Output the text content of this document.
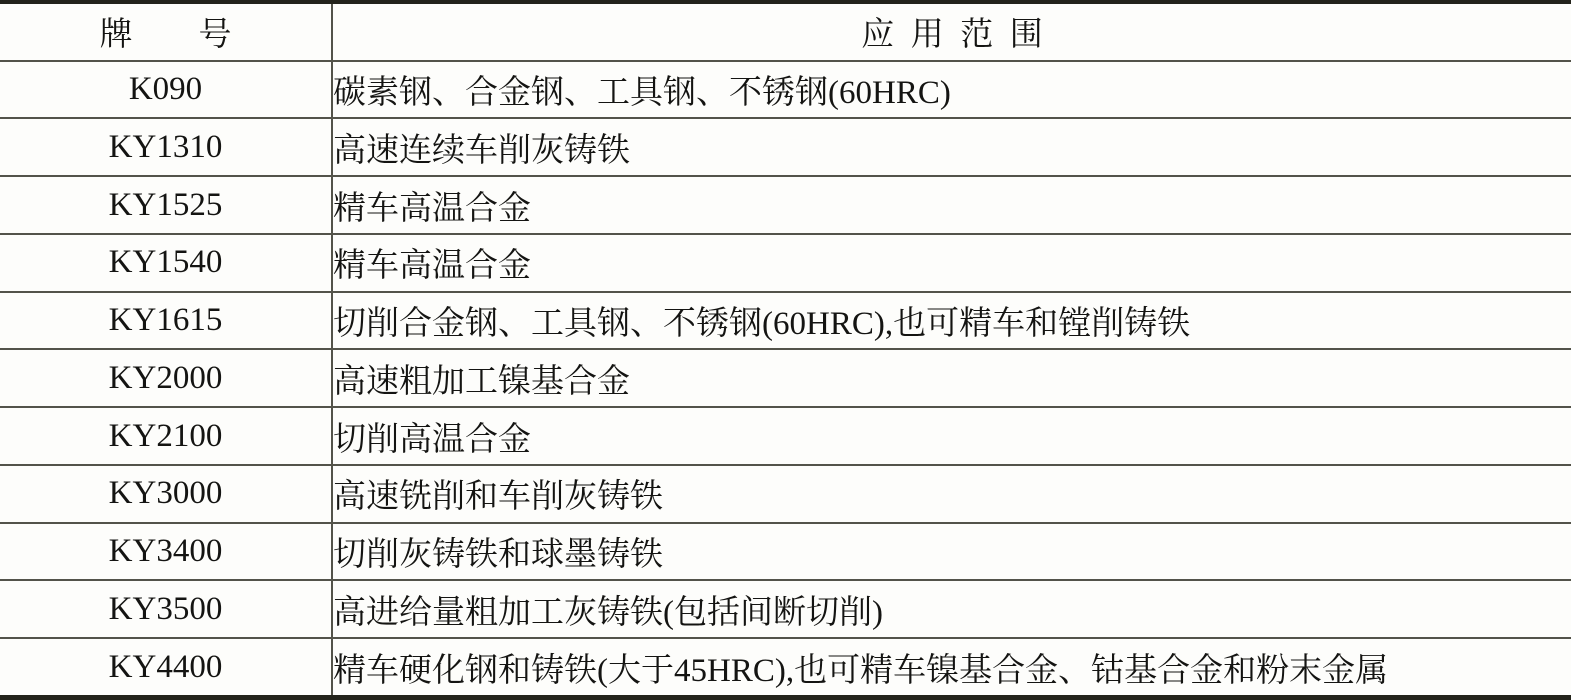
牌号	应用范围
K090	碳素钢、合金钢、工具钢、不锈钢(60HRC)
KY1310	高速连续车削灰铸铁
KY1525	精车高温合金
KY1540	精车高温合金
KY1615	切削合金钢、工具钢、不锈钢(60HRC),也可精车和镗削铸铁
KY2000	高速粗加工镍基合金
KY2100	切削高温合金
KY3000	高速铣削和车削灰铸铁
KY3400	切削灰铸铁和球墨铸铁
KY3500	高进给量粗加工灰铸铁(包括间断切削)
KY4400	精车硬化钢和铸铁(大于45HRC),也可精车镍基合金、钴基合金和粉末金属
